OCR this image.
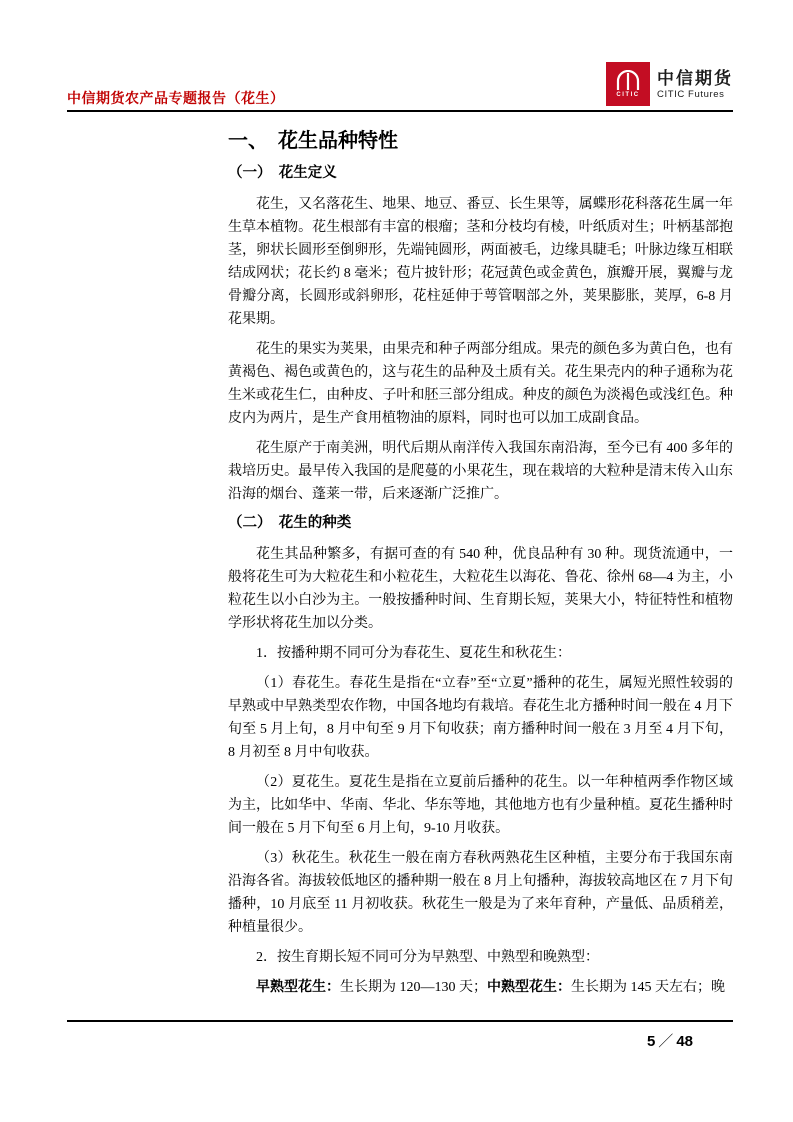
中信期货农产品专题报告（花生）	CITIC
中信期货
CITIC Futures
一、　花生品种特性
（一）　花生定义

花生，又名落花生、地果、地豆、番豆、长生果等，属蝶形花科落花生属一年生草本植物。花生根部有丰富的根瘤；茎和分枝均有棱，叶纸质对生；叶柄基部抱茎，卵状长圆形至倒卵形，先端钝圆形，两面被毛，边缘具睫毛；叶脉边缘互相联结成网状；花长约 8 毫米；苞片披针形；花冠黄色或金黄色，旗瓣开展，翼瓣与龙骨瓣分离，长圆形或斜卵形，花柱延伸于萼管咽部之外，荚果膨胀，荚厚，6-8 月花果期。

花生的果实为荚果，由果壳和种子两部分组成。果壳的颜色多为黄白色，也有黄褐色、褐色或黄色的，这与花生的品种及土质有关。花生果壳内的种子通称为花生米或花生仁，由种皮、子叶和胚三部分组成。种皮的颜色为淡褐色或浅红色。种皮内为两片，是生产食用植物油的原料，同时也可以加工成副食品。

花生原产于南美洲，明代后期从南洋传入我国东南沿海，至今已有 400 多年的栽培历史。最早传入我国的是爬蔓的小果花生，现在栽培的大粒种是清末传入山东沿海的烟台、蓬莱一带，后来逐渐广泛推广。

（二）　花生的种类

花生其品种繁多，有据可查的有 540 种，优良品种有 30 种。现货流通中，一般将花生可为大粒花生和小粒花生，大粒花生以海花、鲁花、徐州 68—4 为主，小粒花生以小白沙为主。一般按播种时间、生育期长短，荚果大小，特征特性和植物学形状将花生加以分类。

1．按播种期不同可分为春花生、夏花生和秋花生：

（1）春花生。春花生是指在“立春”至“立夏”播种的花生，属短光照性较弱的早熟或中早熟类型农作物，中国各地均有栽培。春花生北方播种时间一般在 4 月下旬至 5 月上旬，8 月中旬至 9 月下旬收获；南方播种时间一般在 3 月至 4 月下旬，8 月初至 8 月中旬收获。

（2）夏花生。夏花生是指在立夏前后播种的花生。以一年种植两季作物区域为主，比如华中、华南、华北、华东等地，其他地方也有少量种植。夏花生播种时间一般在 5 月下旬至 6 月上旬，9-10 月收获。

（3）秋花生。秋花生一般在南方春秋两熟花生区种植，主要分布于我国东南沿海各省。海拔较低地区的播种期一般在 8 月上旬播种，海拔较高地区在 7 月下旬播种，10 月底至 11 月初收获。秋花生一般是为了来年育种，产量低、品质稍差，种植量很少。

2．按生育期长短不同可分为早熟型、中熟型和晚熟型：

早熟型花生：生长期为 120—130 天；中熟型花生：生长期为 145 天左右；晚

5 ／ 48
